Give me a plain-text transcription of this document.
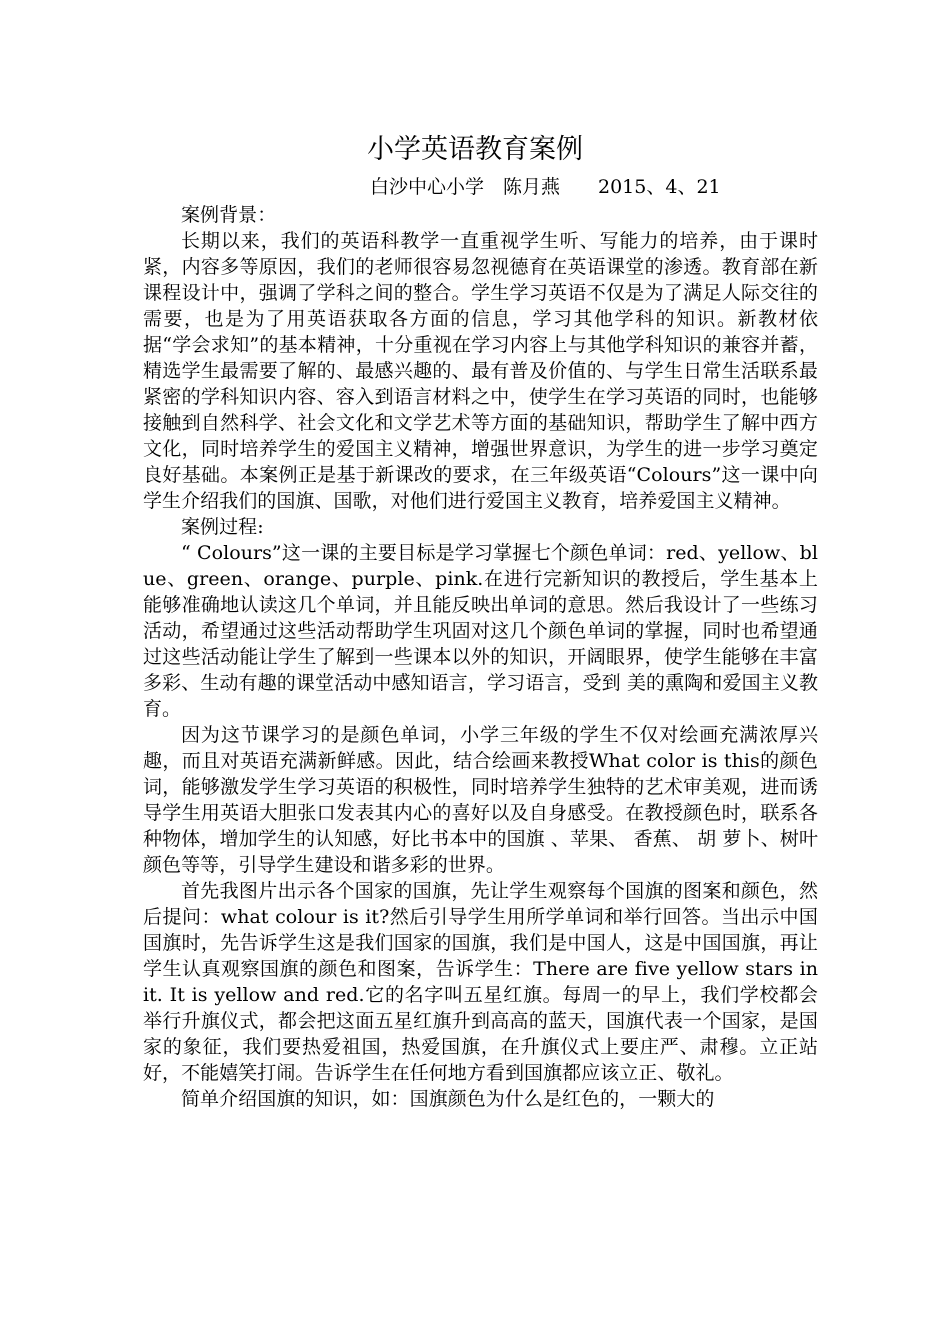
小学英语教育案例
白沙中心小学　陈月燕　　2015、4、21

案例背景：

长期以来，我们的英语科教学一直重视学生听、写能力的培养，由于课时紧，内容多等原因，我们的老师很容易忽视德育在英语课堂的渗透。教育部在新课程设计中，强调了学科之间的整合。学生学习英语不仅是为了满足人际交往的需要，也是为了用英语获取各方面的信息，学习其他学科的知识。新教材依据“学会求知”的基本精神，十分重视在学习内容上与其他学科知识的兼容并蓄，精选学生最需要了解的、最感兴趣的、最有普及价值的、与学生日常生活联系最紧密的学科知识内容、容入到语言材料之中，使学生在学习英语的同时，也能够接触到自然科学、社会文化和文学艺术等方面的基础知识，帮助学生了解中西方文化，同时培养学生的爱国主义精神，增强世界意识，为学生的进一步学习奠定良好基础。本案例正是基于新课改的要求，在三年级英语“Colours”这一课中向学生介绍我们的国旗、国歌，对他们进行爱国主义教育，培养爱国主义精神。

案例过程:

“ Colours”这一课的主要目标是学习掌握七个颜色单词：red、yellow、blue、green、orange、purple、pink.在进行完新知识的教授后，学生基本上能够准确地认读这几个单词，并且能反映出单词的意思。然后我设计了一些练习活动，希望通过这些活动帮助学生巩固对这几个颜色单词的掌握，同时也希望通过这些活动能让学生了解到一些课本以外的知识，开阔眼界，使学生能够在丰富多彩、生动有趣的课堂活动中感知语言，学习语言，受到 美的熏陶和爱国主义教育。

因为这节课学习的是颜色单词，小学三年级的学生不仅对绘画充满浓厚兴趣，而且对英语充满新鲜感。因此，结合绘画来教授What color is this的颜色词，能够激发学生学习英语的积极性，同时培养学生独特的艺术审美观，进而诱导学生用英语大胆张口发表其内心的喜好以及自身感受。在教授颜色时，联系各种物体，增加学生的认知感，好比书本中的国旗 、苹果、 香蕉、 胡 萝卜、树叶颜色等等，引导学生建设和谐多彩的世界。

首先我图片出示各个国家的国旗，先让学生观察每个国旗的图案和颜色，然后提问：what colour is it?然后引导学生用所学单词和举行回答。当出示中国国旗时，先告诉学生这是我们国家的国旗，我们是中国人，这是中国国旗，再让学生认真观察国旗的颜色和图案，告诉学生：There are five yellow stars in it. It is yellow and red.它的名字叫五星红旗。每周一的早上，我们学校都会举行升旗仪式，都会把这面五星红旗升到高高的蓝天，国旗代表一个国家，是国家的象征，我们要热爱祖国，热爱国旗，在升旗仪式上要庄严、肃穆。立正站好，不能嬉笑打闹。告诉学生在任何地方看到国旗都应该立正、敬礼。

简单介绍国旗的知识，如：国旗颜色为什么是红色的，一颗大的
